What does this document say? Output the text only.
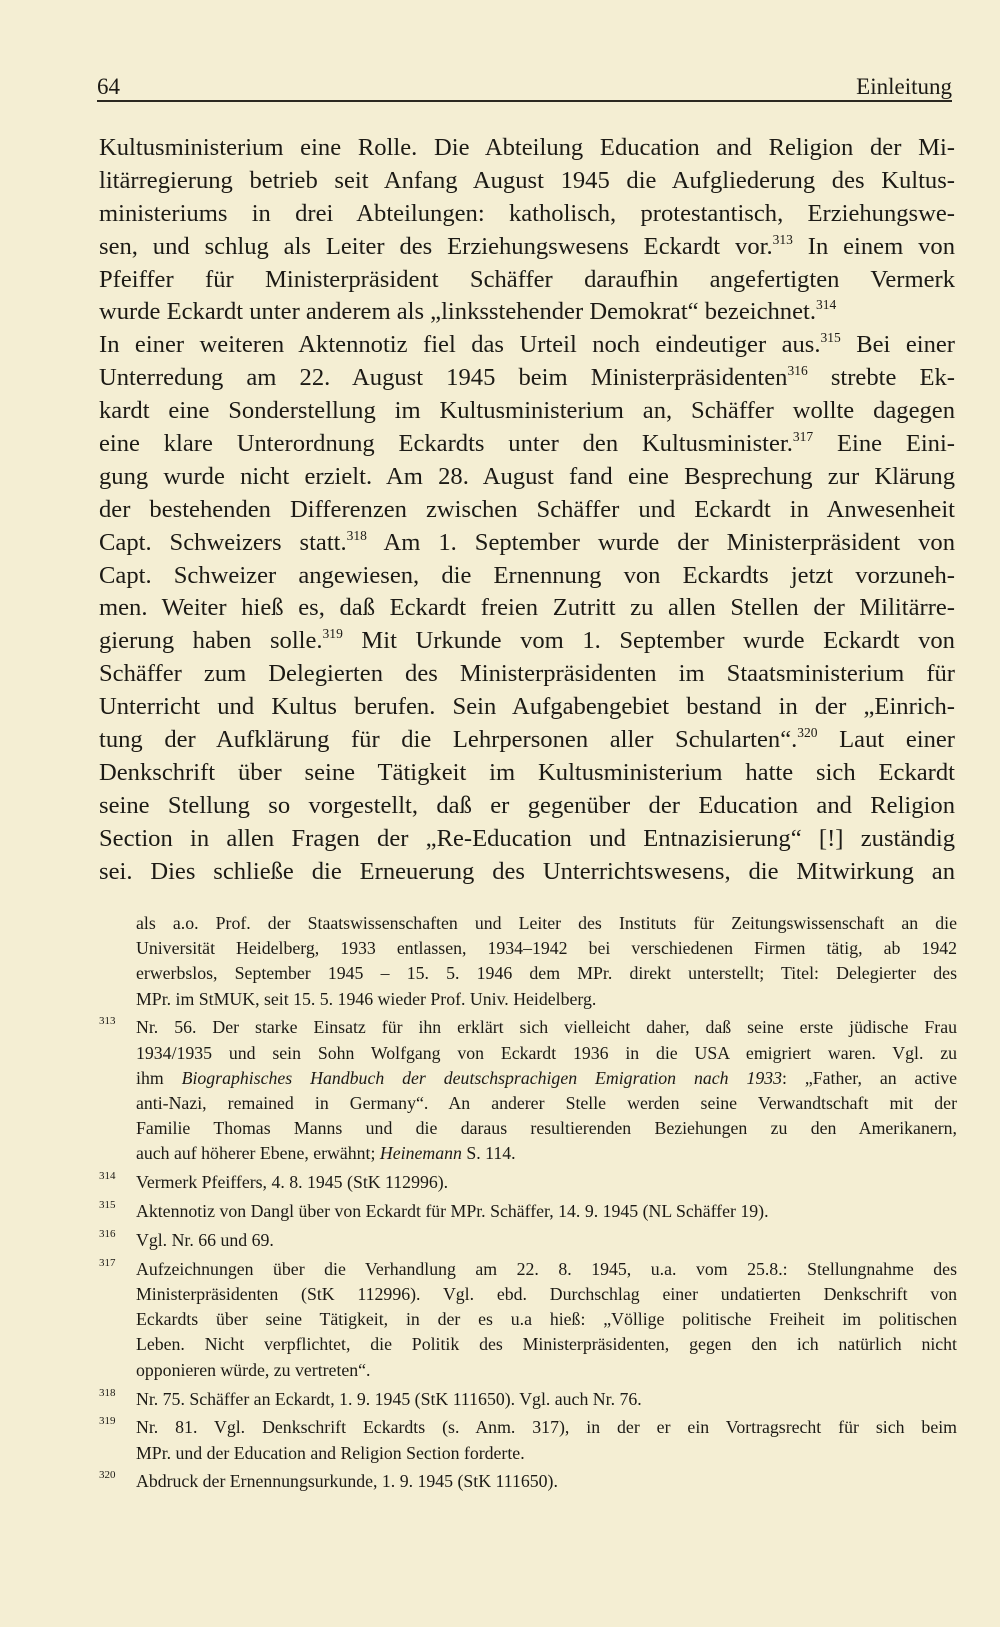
64	Einleitung
Kultusministerium eine Rolle. Die Abteilung Education and Religion der Mi-
litärregierung betrieb seit Anfang August 1945 die Aufgliederung des Kultus-
ministeriums in drei Abteilungen: katholisch, protestantisch, Erziehungswe-
sen, und schlug als Leiter des Erziehungswesens Eckardt vor.$^{313}$ In einem von
Pfeiffer für Ministerpräsident Schäffer daraufhin angefertigten Vermerk
wurde Eckardt unter anderem als „linksstehender Demokrat“ bezeichnet.$^{314}$
In einer weiteren Aktennotiz fiel das Urteil noch eindeutiger aus.$^{315}$ Bei einer
Unterredung am 22. August 1945 beim Ministerpräsidenten$^{316}$ strebte Ek-
kardt eine Sonderstellung im Kultusministerium an, Schäffer wollte dagegen
eine klare Unterordnung Eckardts unter den Kultusminister.$^{317}$ Eine Eini-
gung wurde nicht erzielt. Am 28. August fand eine Besprechung zur Klärung
der bestehenden Differenzen zwischen Schäffer und Eckardt in Anwesenheit
Capt. Schweizers statt.$^{318}$ Am 1. September wurde der Ministerpräsident von
Capt. Schweizer angewiesen, die Ernennung von Eckardts jetzt vorzuneh-
men. Weiter hieß es, daß Eckardt freien Zutritt zu allen Stellen der Militärre-
gierung haben solle.$^{319}$ Mit Urkunde vom 1. September wurde Eckardt von
Schäffer zum Delegierten des Ministerpräsidenten im Staatsministerium für
Unterricht und Kultus berufen. Sein Aufgabengebiet bestand in der „Einrich-
tung der Aufklärung für die Lehrpersonen aller Schularten“.$^{320}$ Laut einer
Denkschrift über seine Tätigkeit im Kultusministerium hatte sich Eckardt
seine Stellung so vorgestellt, daß er gegenüber der Education and Religion
Section in allen Fragen der „Re-Education und Entnazisierung“ [!] zuständig
sei. Dies schließe die Erneuerung des Unterrichtswesens, die Mitwirkung an
als a.o. Prof. der Staatswissenschaften und Leiter des Instituts für Zeitungswissenschaft an die
Universität Heidelberg, 1933 entlassen, 1934–1942 bei verschiedenen Firmen tätig, ab 1942
erwerbslos, September 1945 – 15. 5. 1946 dem MPr. direkt unterstellt; Titel: Delegierter des
MPr. im StMUK, seit 15. 5. 1946 wieder Prof. Univ. Heidelberg.
313	Nr. 56. Der starke Einsatz für ihn erklärt sich vielleicht daher, daß seine erste jüdische Frau
1934/1935 und sein Sohn Wolfgang von Eckardt 1936 in die USA emigriert waren. Vgl. zu
ihm Biographisches Handbuch der deutschsprachigen Emigration nach 1933: „Father, an active
anti-Nazi, remained in Germany“. An anderer Stelle werden seine Verwandtschaft mit der
Familie Thomas Manns und die daraus resultierenden Beziehungen zu den Amerikanern,
auch auf höherer Ebene, erwähnt; Heinemann S. 114.
314	Vermerk Pfeiffers, 4. 8. 1945 (StK 112996).
315	Aktennotiz von Dangl über von Eckardt für MPr. Schäffer, 14. 9. 1945 (NL Schäffer 19).
316	Vgl. Nr. 66 und 69.
317	Aufzeichnungen über die Verhandlung am 22. 8. 1945, u.a. vom 25.8.: Stellungnahme des
Ministerpräsidenten (StK 112996). Vgl. ebd. Durchschlag einer undatierten Denkschrift von
Eckardts über seine Tätigkeit, in der es u.a hieß: „Völlige politische Freiheit im politischen
Leben. Nicht verpflichtet, die Politik des Ministerpräsidenten, gegen den ich natürlich nicht
opponieren würde, zu vertreten“.
318	Nr. 75. Schäffer an Eckardt, 1. 9. 1945 (StK 111650). Vgl. auch Nr. 76.
319	Nr. 81. Vgl. Denkschrift Eckardts (s. Anm. 317), in der er ein Vortragsrecht für sich beim
MPr. und der Education and Religion Section forderte.
320	Abdruck der Ernennungsurkunde, 1. 9. 1945 (StK 111650).
